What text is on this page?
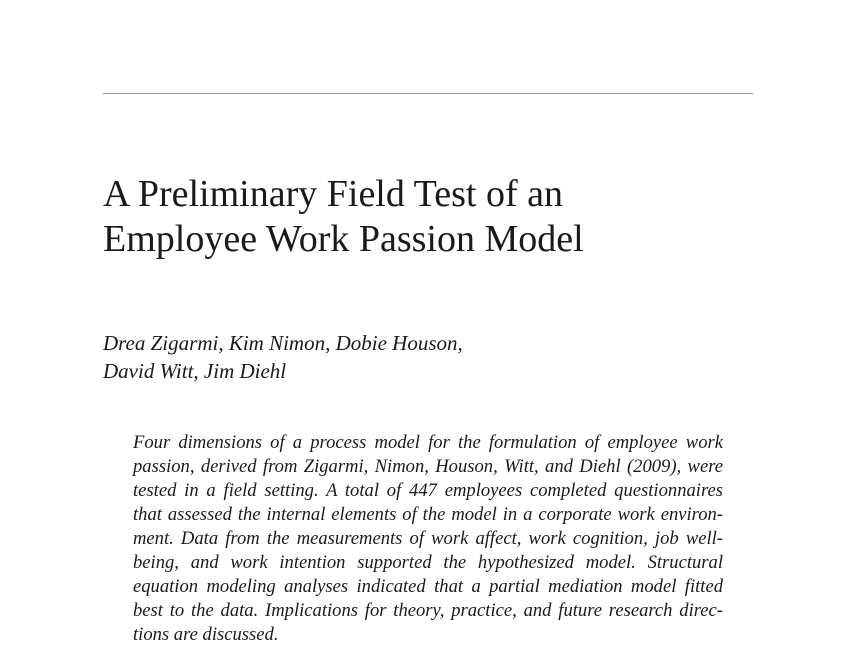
A Preliminary Field Test of an
Employee Work Passion Model
Drea Zigarmi, Kim Nimon, Dobie Houson,
David Witt, Jim Diehl
Four dimensions of a process model for the formulation of employee work
passion, derived from Zigarmi, Nimon, Houson, Witt, and Diehl (2009), were
tested in a field setting. A total of 447 employees completed questionnaires
that assessed the internal elements of the model in a corporate work environ-
ment. Data from the measurements of work affect, work cognition, job well-
being, and work intention supported the hypothesized model. Structural
equation modeling analyses indicated that a partial mediation model fitted
best to the data. Implications for theory, practice, and future research direc-
tions are discussed.
